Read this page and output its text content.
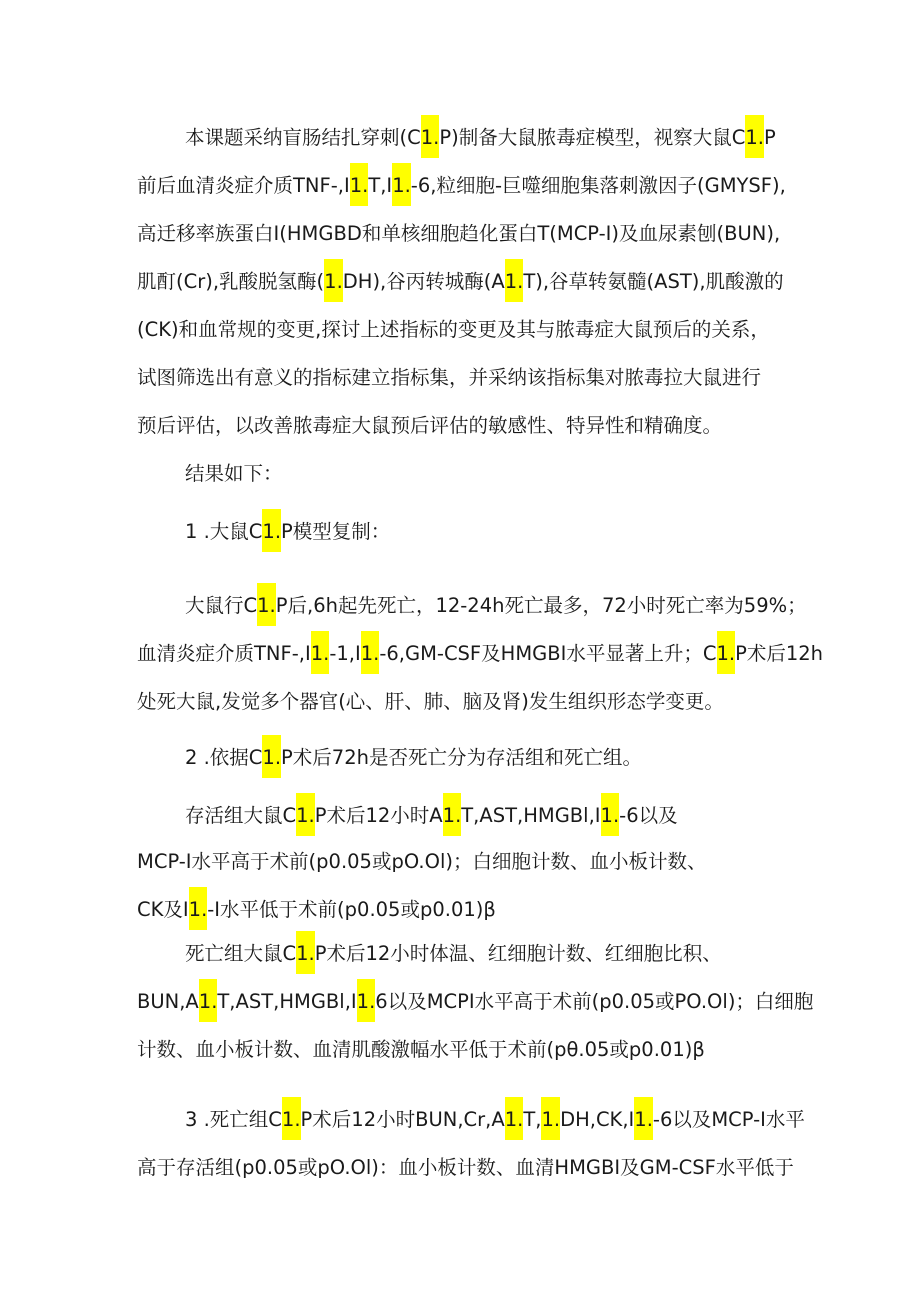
本课题采纳盲肠结扎穿刺(C1.P)制备大鼠脓毒症模型，视察大鼠C1.P
前后血清炎症介质TNF-,I1.T,I1.-6,粒细胞-巨噬细胞集落刺激因子(GMYSF),
高迁移率族蛋白I(HMGBD和单核细胞趋化蛋白T(MCP-I)及血尿素刨(BUN),
肌酊(Cr),乳酸脱氢酶(1.DH),谷丙转城酶(A1.T),谷草转氨髓(AST),肌酸激的
(CK)和血常规的变更,探讨上述指标的变更及其与脓毒症大鼠预后的关系，
试图筛选出有意义的指标建立指标集，并采纳该指标集对脓毒拉大鼠进行
预后评估，以改善脓毒症大鼠预后评估的敏感性、特异性和精确度。
结果如下：
1 .大鼠C1.P模型复制：
大鼠行C1.P后,6h起先死亡，12-24h死亡最多，72小时死亡率为59%；
血清炎症介质TNF-,I1.-1,I1.-6,GM-CSF及HMGBI水平显著上升；C1.P术后12h
处死大鼠,发觉多个器官(心、肝、肺、脑及肾)发生组织形态学变更。
2 .依据C1.P术后72h是否死亡分为存活组和死亡组。
存活组大鼠C1.P术后12小时A1.T,AST,HMGBl,I1.-6以及
MCP-I水平高于术前(p0.05或pO.Ol)；白细胞计数、血小板计数、
CK及I1.-I水平低于术前(p0.05或p0.01)β
死亡组大鼠C1.P术后12小时体温、红细胞计数、红细胞比积、
BUN,A1.T,AST,HMGBl,I1.6以及MCPI水平高于术前(p0.05或PO.Ol)；白细胞
计数、血小板计数、血清肌酸激幅水平低于术前(pθ.05或p0.01)β
3 .死亡组C1.P术后12小时BUN,Cr,A1.T,1.DH,CK,I1.-6以及MCP-I水平
高于存活组(p0.05或pO.Ol)：血小板计数、血清HMGBI及GM-CSF水平低于
